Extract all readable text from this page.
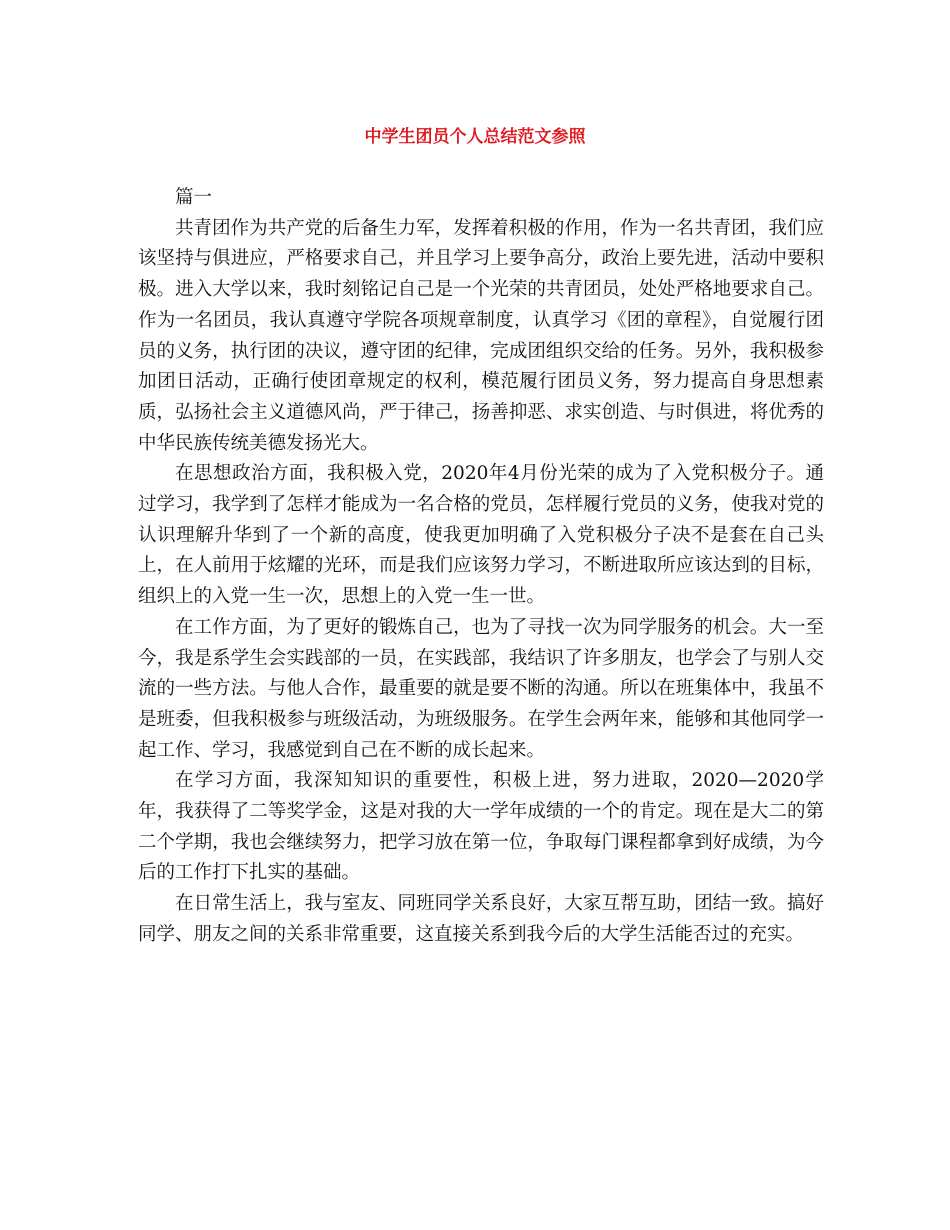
中学生团员个人总结范文参照

篇一

共青团作为共产党的后备生力军，发挥着积极的作用，作为一名共青团，我们应该坚持与俱进应，严格要求自己，并且学习上要争高分，政治上要先进，活动中要积极。进入大学以来，我时刻铭记自己是一个光荣的共青团员，处处严格地要求自己。作为一名团员，我认真遵守学院各项规章制度，认真学习《团的章程》，自觉履行团员的义务，执行团的决议，遵守团的纪律，完成团组织交给的任务。另外，我积极参加团日活动，正确行使团章规定的权利，模范履行团员义务，努力提高自身思想素质，弘扬社会主义道德风尚，严于律己，扬善抑恶、求实创造、与时俱进，将优秀的中华民族传统美德发扬光大。

在思想政治方面，我积极入党，2020年4月份光荣的成为了入党积极分子。通过学习，我学到了怎样才能成为一名合格的党员，怎样履行党员的义务，使我对党的认识理解升华到了一个新的高度，使我更加明确了入党积极分子决不是套在自己头上，在人前用于炫耀的光环，而是我们应该努力学习，不断进取所应该达到的目标，组织上的入党一生一次，思想上的入党一生一世。

在工作方面，为了更好的锻炼自己，也为了寻找一次为同学服务的机会。大一至今，我是系学生会实践部的一员，在实践部，我结识了许多朋友，也学会了与别人交流的一些方法。与他人合作，最重要的就是要不断的沟通。所以在班集体中，我虽不是班委，但我积极参与班级活动，为班级服务。在学生会两年来，能够和其他同学一起工作、学习，我感觉到自己在不断的成长起来。

在学习方面，我深知知识的重要性，积极上进，努力进取，2020—2020学年，我获得了二等奖学金，这是对我的大一学年成绩的一个的肯定。现在是大二的第二个学期，我也会继续努力，把学习放在第一位，争取每门课程都拿到好成绩，为今后的工作打下扎实的基础。

在日常生活上，我与室友、同班同学关系良好，大家互帮互助，团结一致。搞好同学、朋友之间的关系非常重要，这直接关系到我今后的大学生活能否过的充实。
